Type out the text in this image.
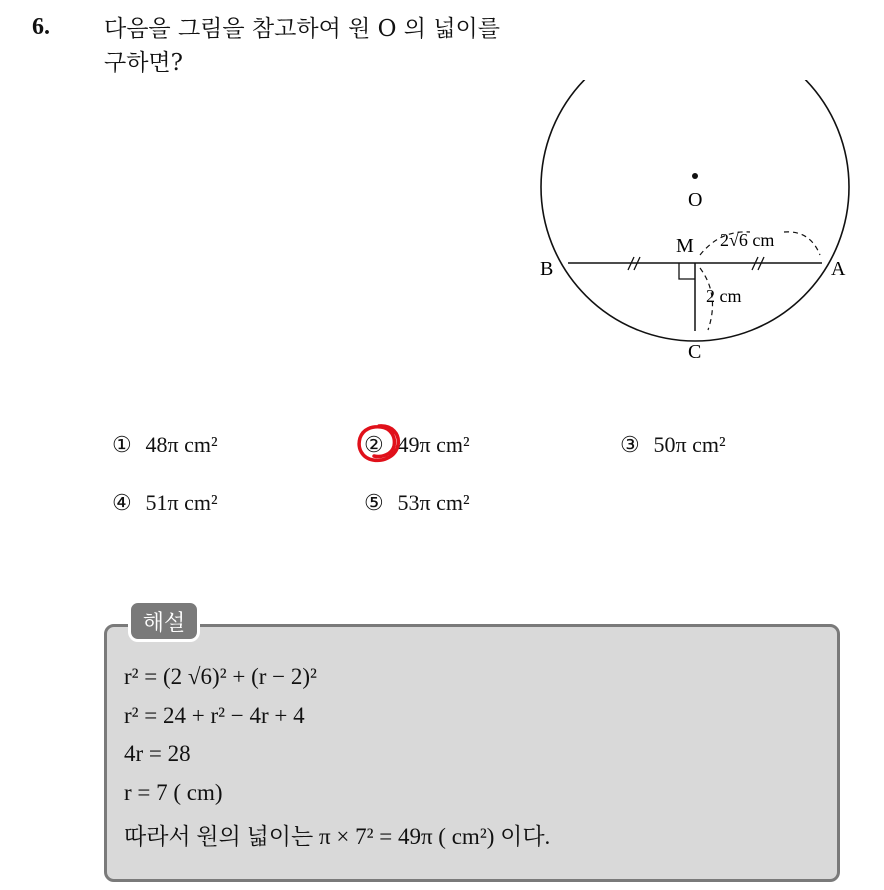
6. 다음을 그림을 참고하여 원 O 의 넓이를 구하면?
O
M
B	A
C
2√6 cm
2 cm
① 48π cm²	② 49π cm²	③ 50π cm²
④ 51π cm²	⑤ 53π cm²
해설
r² = (2 √6)² + (r − 2)²
r² = 24 + r² − 4r + 4
4r = 28
r = 7 ( cm)
따라서 원의 넓이는 π × 7² = 49π ( cm²) 이다.
